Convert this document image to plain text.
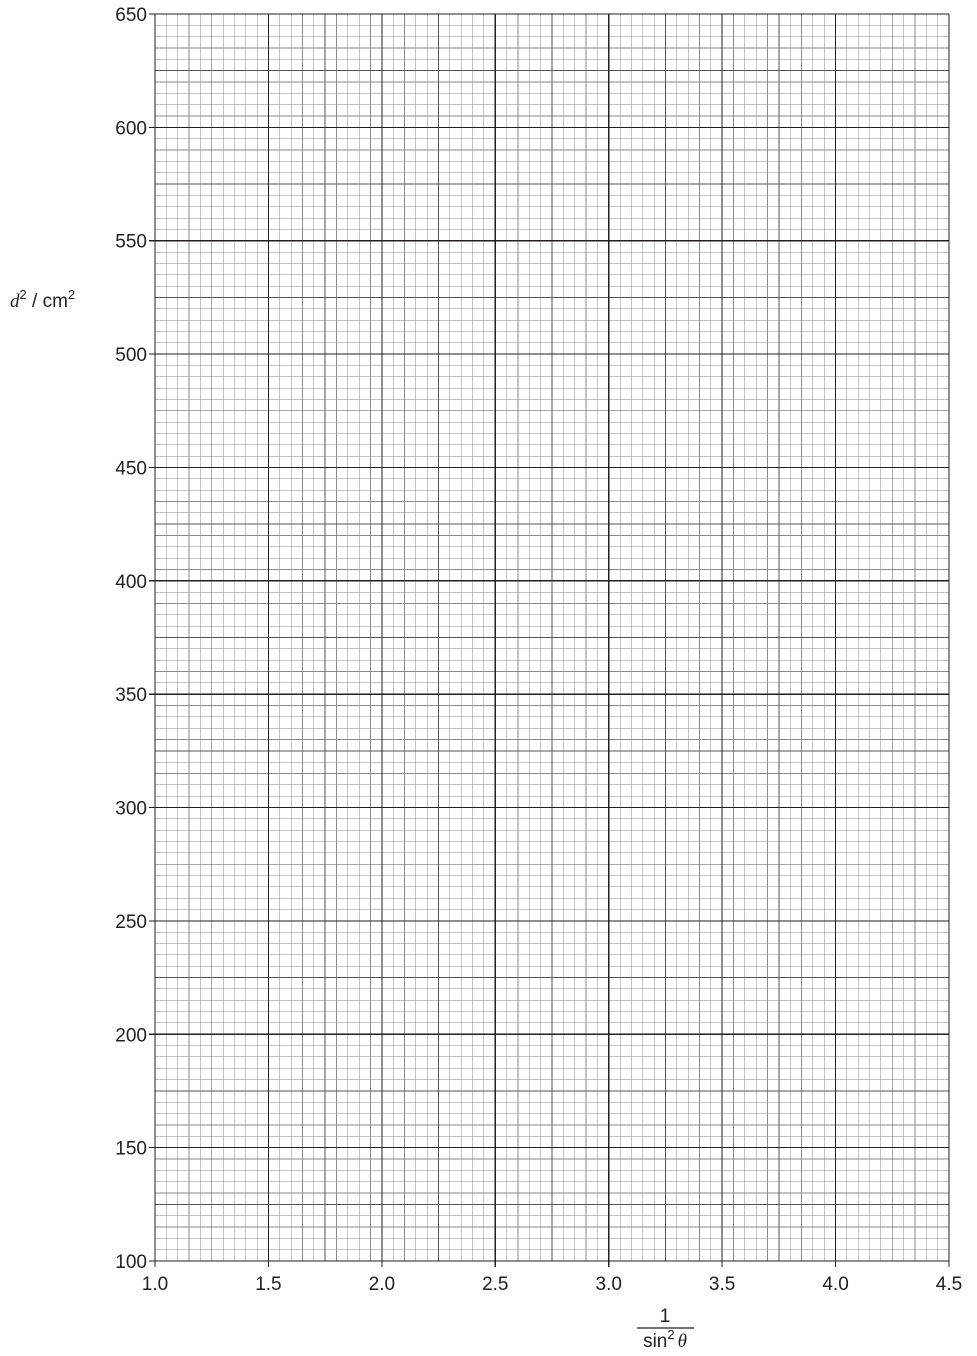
1.0	1.5	2.0	2.5	3.0	3.5	4.0	4.5
100
150
200
250
300
350
400
450
500
550
600
650
$d^2 / cm^2$
1
$\sin^2 \theta$
